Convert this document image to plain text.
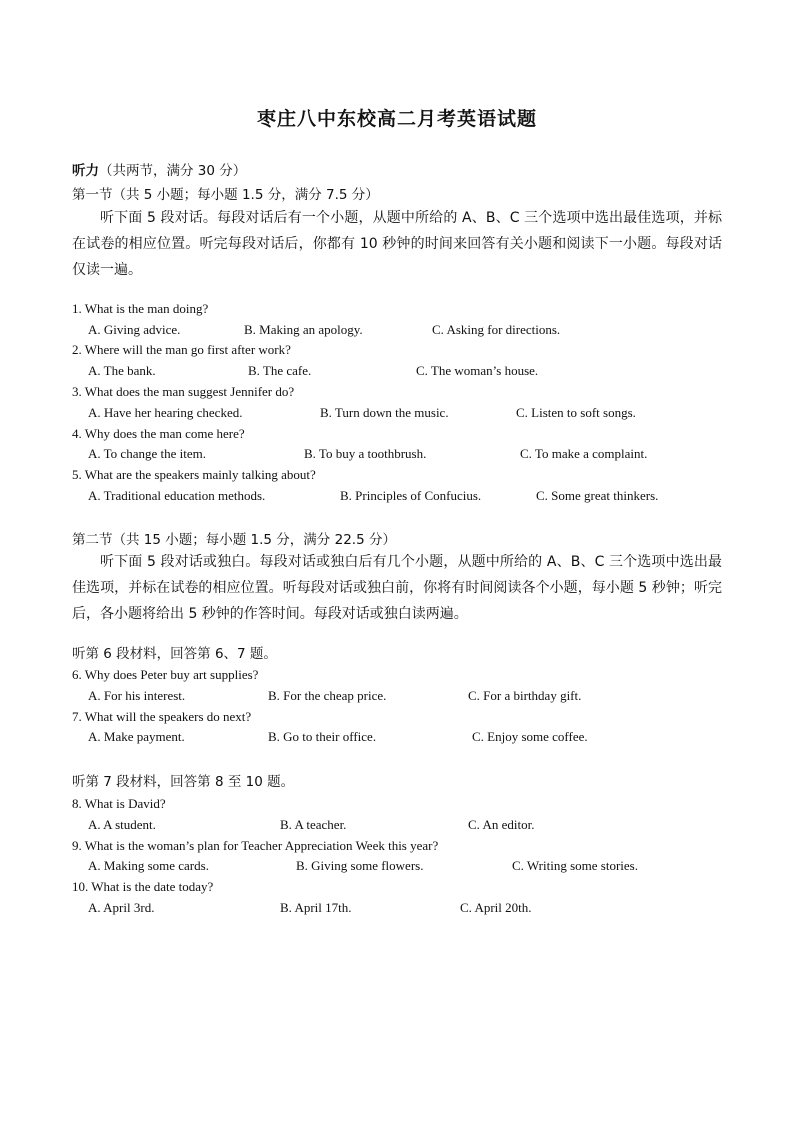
枣庄八中东校高二月考英语试题
听力（共两节，满分 30 分）
第一节（共 5 小题；每小题 1.5 分，满分 7.5 分）
听下面 5 段对话。每段对话后有一个小题，从题中所给的 A、B、C 三个选项中选出最佳选项，并标在试卷的相应位置。听完每段对话后，你都有 10 秒钟的时间来回答有关小题和阅读下一小题。每段对话仅读一遍。
1. What is the man doing?
A. Giving advice.	B. Making an apology.	C. Asking for directions.
2. Where will the man go first after work?
A. The bank.	B. The cafe.	C. The woman’s house.
3. What does the man suggest Jennifer do?
A. Have her hearing checked.	B. Turn down the music.	C. Listen to soft songs.
4. Why does the man come here?
A. To change the item.	B. To buy a toothbrush.	C. To make a complaint.
5. What are the speakers mainly talking about?
A. Traditional education methods.	B. Principles of Confucius.	C. Some great thinkers.
第二节（共 15 小题；每小题 1.5 分，满分 22.5 分）
听下面 5 段对话或独白。每段对话或独白后有几个小题，从题中所给的 A、B、C 三个选项中选出最佳选项，并标在试卷的相应位置。听每段对话或独白前，你将有时间阅读各个小题，每小题 5 秒钟；听完后，各小题将给出 5 秒钟的作答时间。每段对话或独白读两遍。
听第 6 段材料，回答第 6、7 题。
6. Why does Peter buy art supplies?
A. For his interest.	B. For the cheap price.	C. For a birthday gift.
7. What will the speakers do next?
A. Make payment.	B. Go to their office.	C. Enjoy some coffee.
听第 7 段材料，回答第 8 至 10 题。
8. What is David?
A. A student.	B. A teacher.	C. An editor.
9. What is the woman’s plan for Teacher Appreciation Week this year?
A. Making some cards.	B. Giving some flowers.	C. Writing some stories.
10. What is the date today?
A. April 3rd.	B. April 17th.	C. April 20th.
